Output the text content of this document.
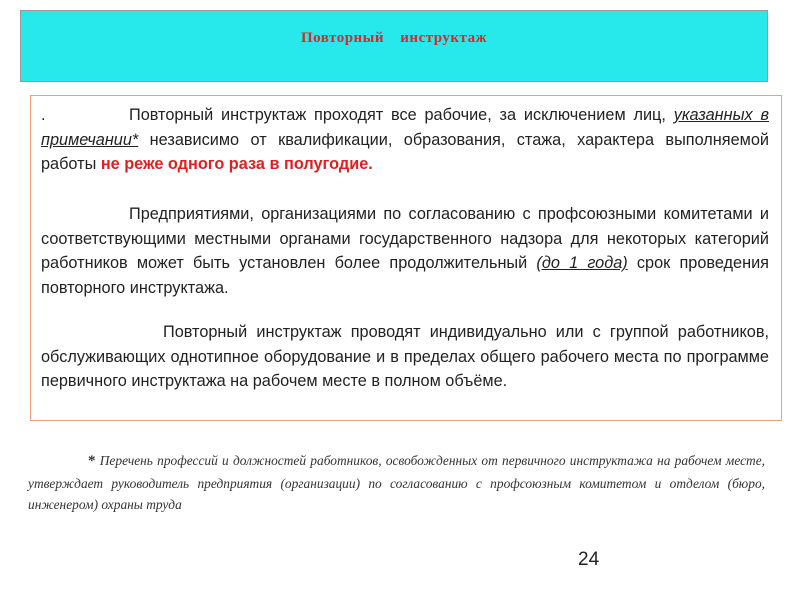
Повторный инструктаж

.	Повторный инструктаж проходят все рабочие, за исключением лиц, указанных в примечании* независимо от квалификации, образования, стажа, характера выполняемой работы не реже одного раза в полугодие.

Предприятиями, организациями по согласованию с профсоюзными комитетами и соответствующими местными органами государственного надзора для некоторых категорий работников может быть установлен более продолжительный (до 1 года) срок проведения повторного инструктажа.

Повторный инструктаж проводят индивидуально или с группой работников, обслуживающих однотипное оборудование и в пределах общего рабочего места по программе первичного инструктажа на рабочем месте в полном объёме.

* Перечень профессий и должностей работников, освобожденных от первичного инструктажа на рабочем месте, утверждает руководитель предприятия (организации) по согласованию с профсоюзным комитетом и отделом (бюро, инженером) охраны труда

24
